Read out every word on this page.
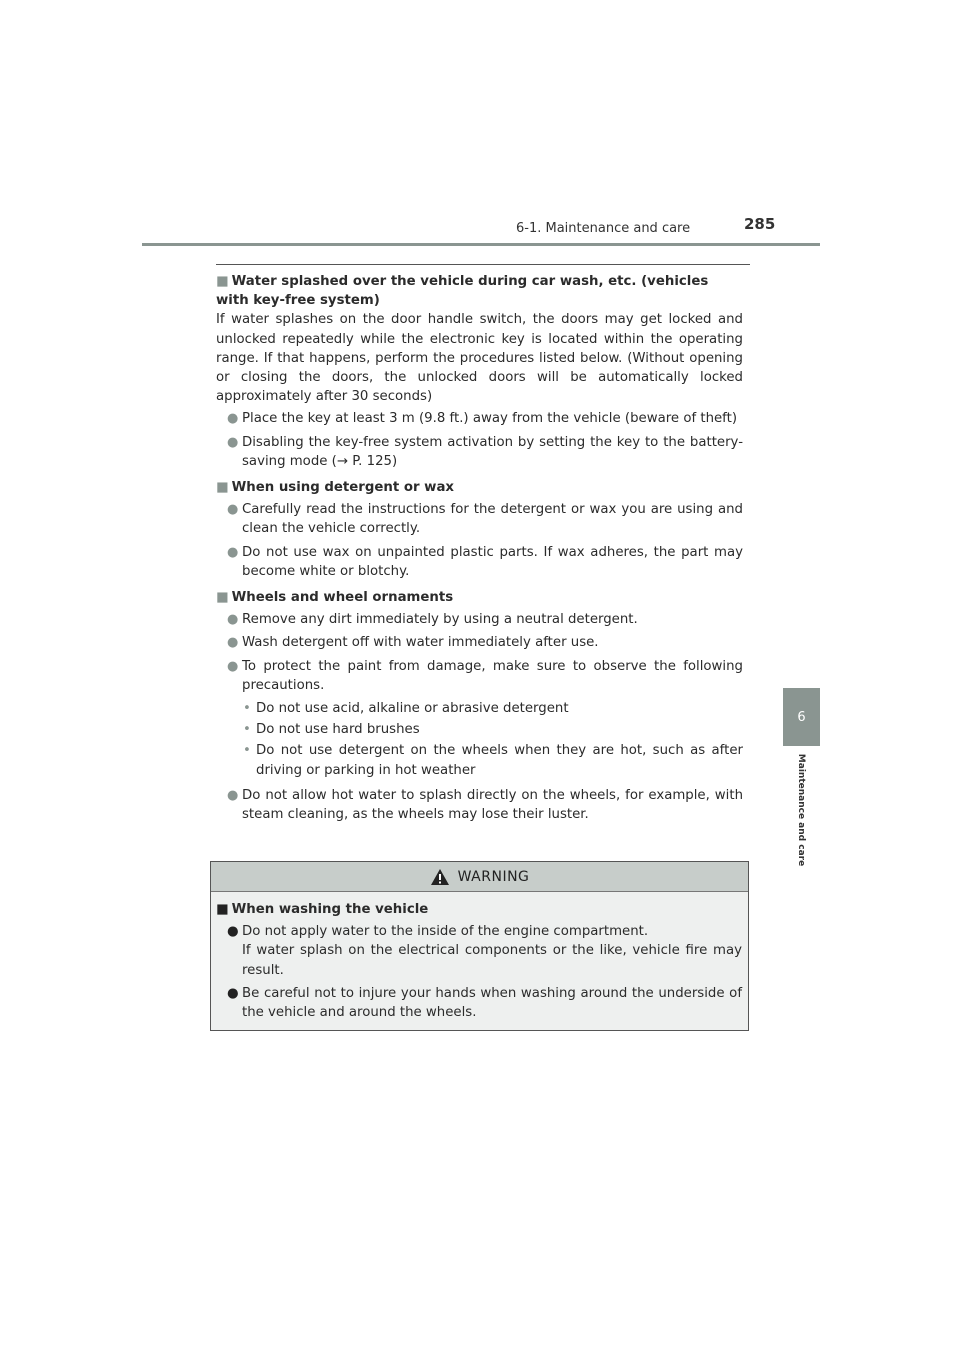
6-1. Maintenance and care	285
6
Maintenance and care

■ Water splashed over the vehicle during car wash, etc. (vehicles with key-free system)

If water splashes on the door handle switch, the doors may get locked and unlocked repeatedly while the electronic key is located within the operating range. If that happens, perform the procedures listed below. (Without opening or closing the doors, the unlocked doors will be automatically locked approximately after 30 seconds)

● Place the key at least 3 m (9.8 ft.) away from the vehicle (beware of theft)
● Disabling the key-free system activation by setting the key to the battery-saving mode (→ P. 125)

■ When using detergent or wax

● Carefully read the instructions for the detergent or wax you are using and clean the vehicle correctly.
● Do not use wax on unpainted plastic parts. If wax adheres, the part may become white or blotchy.

■ Wheels and wheel ornaments

● Remove any dirt immediately by using a neutral detergent.
● Wash detergent off with water immediately after use.
● To protect the paint from damage, make sure to observe the following precautions.
• Do not use acid, alkaline or abrasive detergent
• Do not use hard brushes
• Do not use detergent on the wheels when they are hot, such as after driving or parking in hot weather
● Do not allow hot water to splash directly on the wheels, for example, with steam cleaning, as the wheels may lose their luster.
WARNING

■ When washing the vehicle

● Do not apply water to the inside of the engine compartment.
If water splash on the electrical components or the like, vehicle fire may result.
● Be careful not to injure your hands when washing around the underside of the vehicle and around the wheels.
